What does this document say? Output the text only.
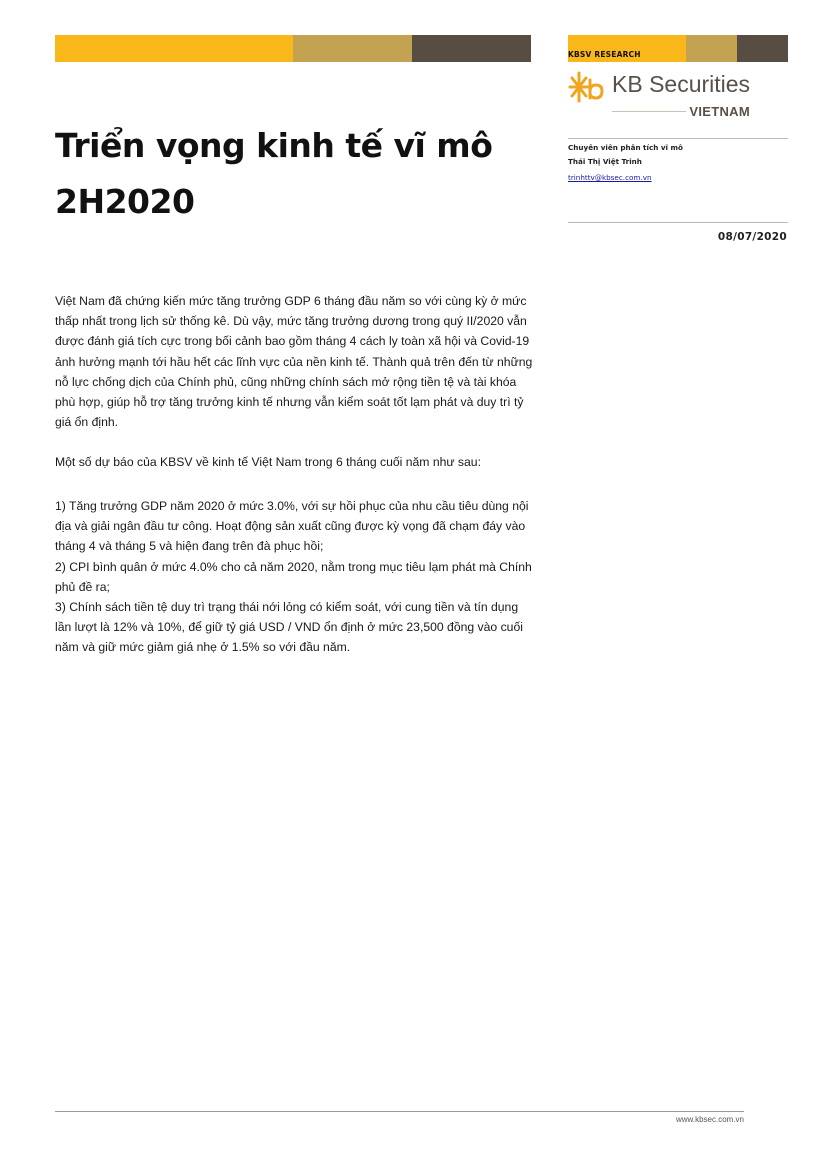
KBSV RESEARCH
KB Securities
VIETNAM
Chuyên viên phân tích vĩ mô
Thái Thị Việt Trinh
trinhttv@kbsec.com.vn
08/07/2020
Triển vọng kinh tế vĩ mô 2H2020

Việt Nam đã chứng kiến mức tăng trưởng GDP 6 tháng đầu năm so với cùng kỳ ở mức thấp nhất trong lịch sử thống kê. Dù vậy, mức tăng trưởng dương trong quý II/2020 vẫn được đánh giá tích cực trong bối cảnh bao gồm tháng 4 cách ly toàn xã hội và Covid-19 ảnh hưởng mạnh tới hầu hết các lĩnh vực của nền kinh tế. Thành quả trên đến từ những nỗ lực chống dịch của Chính phủ, cũng những chính sách mở rộng tiền tệ và tài khóa phù hợp, giúp hỗ trợ tăng trưởng kinh tế nhưng vẫn kiểm soát tốt lạm phát và duy trì tỷ giá ổn định.

Một số dự báo của KBSV về kinh tế Việt Nam trong 6 tháng cuối năm như sau:

1) Tăng trưởng GDP năm 2020 ở mức 3.0%, với sự hồi phục của nhu cầu tiêu dùng nội địa và giải ngân đầu tư công. Hoạt động sản xuất cũng được kỳ vọng đã chạm đáy vào tháng 4 và tháng 5 và hiện đang trên đà phục hồi;
2) CPI bình quân ở mức 4.0% cho cả năm 2020, nằm trong mục tiêu lạm phát mà Chính phủ đề ra;
3) Chính sách tiền tệ duy trì trạng thái nới lỏng có kiểm soát, với cung tiền và tín dụng lần lượt là 12% và 10%, để giữ tỷ giá USD / VND ổn định ở mức 23,500 đồng vào cuối năm và giữ mức giảm giá nhẹ ở 1.5% so với đầu năm.
www.kbsec.com.vn
